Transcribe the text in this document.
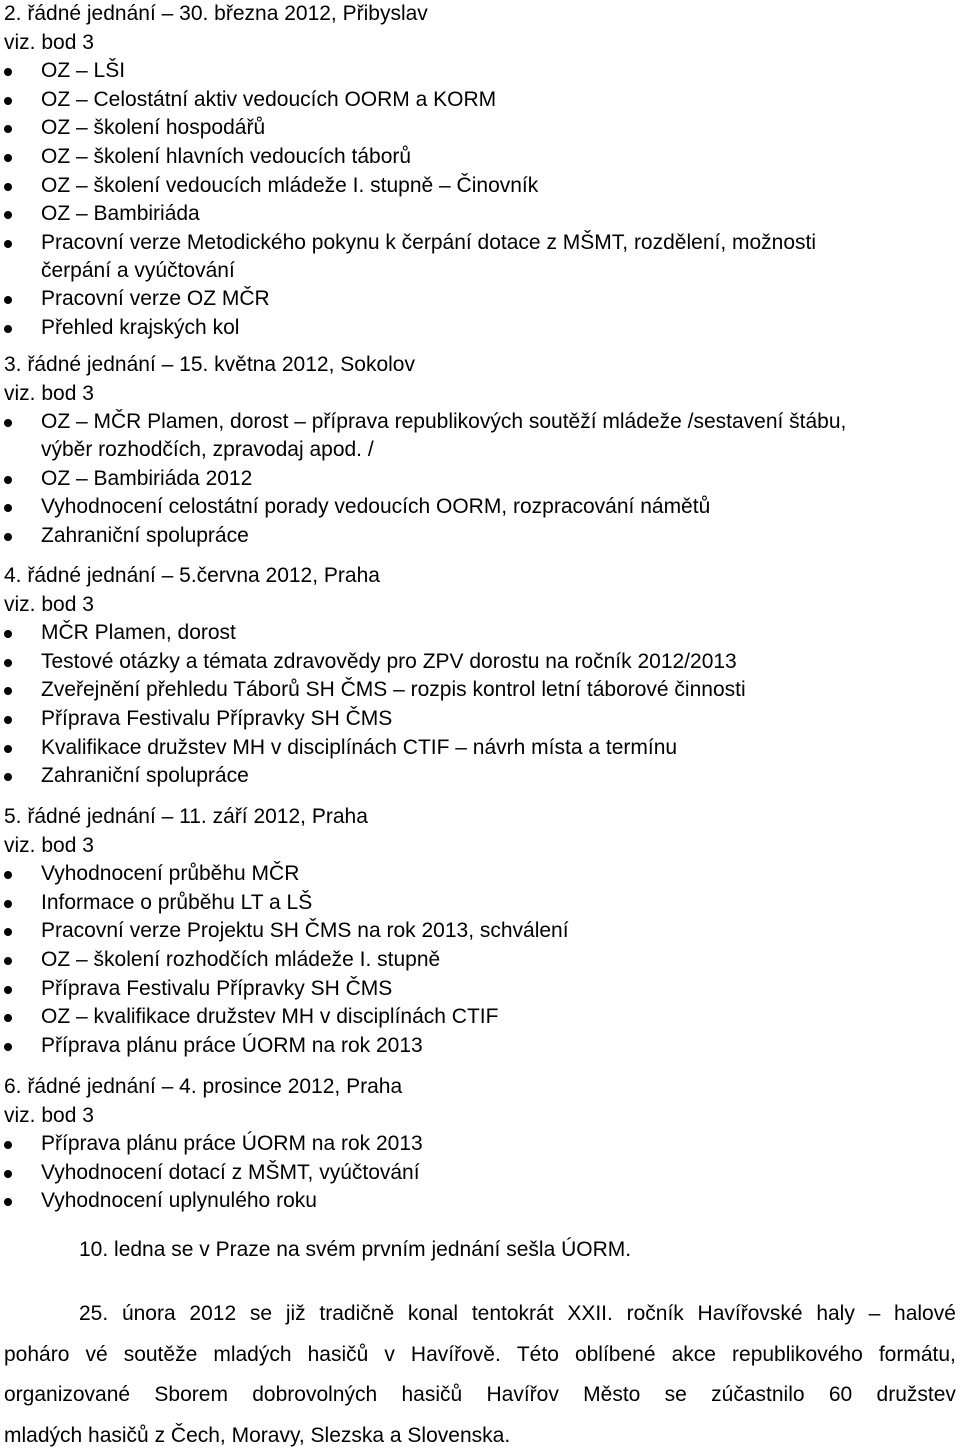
2. řádné jednání – 30. března 2012, Přibyslav
viz. bod 3
OZ – LŠI
OZ – Celostátní aktiv vedoucích OORM a KORM
OZ – školení hospodářů
OZ – školení hlavních vedoucích táborů
OZ – školení vedoucích mládeže I. stupně – Činovník
OZ – Bambiriáda
Pracovní verze Metodického pokynu k čerpání dotace z MŠMT, rozdělení, možnosti
čerpání a vyúčtování
Pracovní verze OZ MČR
Přehled krajských kol
3. řádné jednání – 15. května 2012, Sokolov
viz. bod 3
OZ – MČR Plamen, dorost – příprava republikových soutěží mládeže /sestavení štábu,
výběr rozhodčích, zpravodaj apod. /
OZ – Bambiriáda 2012
Vyhodnocení celostátní porady vedoucích OORM, rozpracování námětů
Zahraniční spolupráce
4. řádné jednání – 5.června 2012, Praha
viz. bod 3
MČR Plamen, dorost
Testové otázky a témata zdravovědy pro ZPV dorostu na ročník 2012/2013
Zveřejnění přehledu Táborů SH ČMS – rozpis kontrol letní táborové činnosti
Příprava Festivalu Přípravky SH ČMS
Kvalifikace družstev MH v disciplínách CTIF – návrh místa a termínu
Zahraniční spolupráce
5. řádné jednání – 11. září 2012, Praha
viz. bod 3
Vyhodnocení průběhu MČR
Informace o průběhu LT a LŠ
Pracovní verze Projektu SH ČMS na rok 2013, schválení
OZ – školení rozhodčích mládeže I. stupně
Příprava Festivalu Přípravky SH ČMS
OZ – kvalifikace družstev MH v disciplínách CTIF
Příprava plánu práce ÚORM na rok 2013
6. řádné jednání – 4. prosince 2012, Praha
viz. bod 3
Příprava plánu práce ÚORM na rok 2013
Vyhodnocení dotací z MŠMT, vyúčtování
Vyhodnocení uplynulého roku
10. ledna se v Praze na svém prvním jednání sešla ÚORM.
25. února 2012 se již tradičně konal tentokrát XXII. ročník Havířovské haly – halové
poháro vé soutěže mladých hasičů v Havířově. Této oblíbené akce republikového formátu,
organizované Sborem dobrovolných hasičů Havířov Město se zúčastnilo 60 družstev
mladých hasičů z Čech, Moravy, Slezska a Slovenska.
